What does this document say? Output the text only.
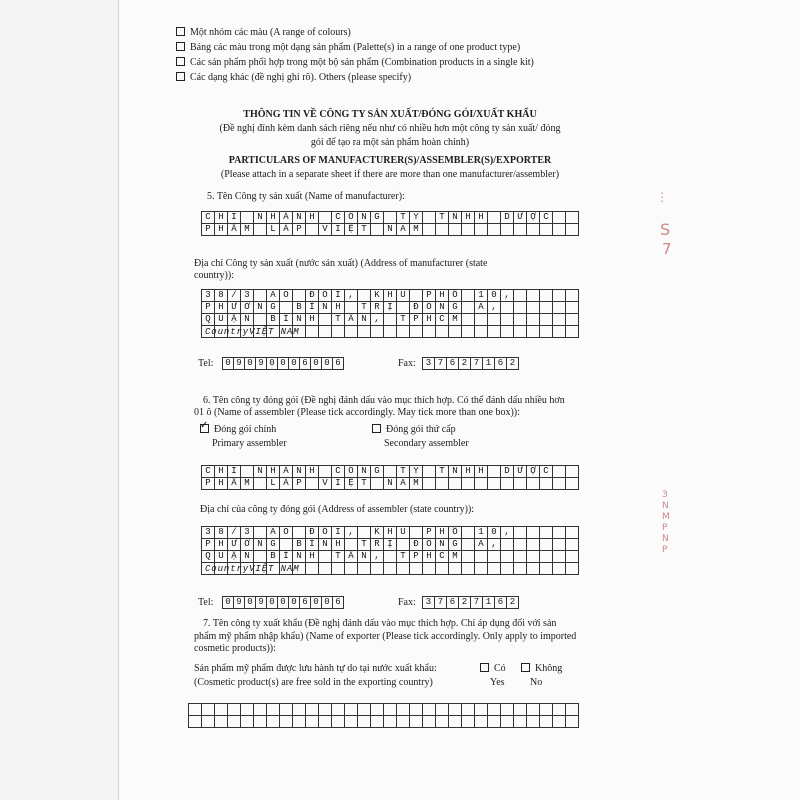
Một nhóm các màu (A range of colours)
Bảng các màu trong một dạng sản phẩm (Palette(s) in a range of one product type)
Các sản phẩm phối hợp trong một bộ sản phẩm (Combination products in a single kit)
Các dạng khác (đề nghị ghi rõ). Others (please specify)
THÔNG TIN VỀ CÔNG TY SẢN XUẤT/ĐÓNG GÓI/XUẤT KHẨU
(Đề nghị đính kèm danh sách riêng nếu như có nhiều hơn một công ty sản xuất/ đóng
gói để tạo ra một sản phẩm hoàn chỉnh)
PARTICULARS OF MANUFACTURER(S)/ASSEMBLER(S)/EXPORTER
(Please attach in a separate sheet if there are more than one manufacturer/assembler)
5. Tên Công ty sản xuất (Name of manufacturer):
C H I	N H Á N H	C Ô N G	T Y	T N H H	D Ư Ợ C
P H Ẩ M	L Á P	V I Ệ T	N A M
Địa chỉ Công ty sản xuất (nước sản xuất) (Address of manufacturer (state
country)):
3 8 / 3	A O	Đ Ô I ,	K H U	P H Ố	1 0 ,
P H Ư Ờ N G	B Ì N H	T R Ị	Đ Ô N G	A ,
Q U Ậ N	B Ì N H	T Â N ,	T P H C M
CountryVIỆT NAM
Tel: 0 9 0 9 0 0 0 6 0 0 6	Fax:	3 7 6 2 7 1 6 2
6. Tên công ty đóng gói (Đề nghị đánh dấu vào mục thích hợp. Có thể đánh dấu nhiều hơn
01 ô (Name of assembler (Please tick accordingly. May tick more than one box)):
✓Đóng gói chính
Primary assembler
Đóng gói thứ cấp
Secondary assembler
C H I	N H Á N H	C Ô N G	T Y	T N H H	D Ư Ợ C
P H Ẩ M	L Á P	V I Ệ T	N A M
Địa chỉ của công ty đóng gói (Address of assembler (state country)):
3 8 / 3	A O	Đ Ô I ,	K H U	P H Ố	1 0 ,
P H Ư Ờ N G	B Ì N H	T R Ị	Đ Ô N G	A ,
Q U Ậ N	B Ì N H	T Â N ,	T P H C M
CountryVIỆT NAM
Tel: 0 9 0 9 0 0 0 6 0 0 6	Fax:	3 7 6 2 7 1 6 2
7. Tên công ty xuất khẩu (Đề nghị đánh dấu vào mục thích hợp. Chỉ áp dụng đối với sản
phẩm mỹ phẩm nhập khẩu) (Name of exporter (Please tick accordingly. Only apply to imported
cosmetic products)):
Sản phẩm mỹ phẩm được lưu hành tự do tại nước xuất khẩu:
(Cosmetic product(s) are free sold in the exporting country)
Có
Yes
Không
No
⋮
S
7
3
N
M
P
N
P
